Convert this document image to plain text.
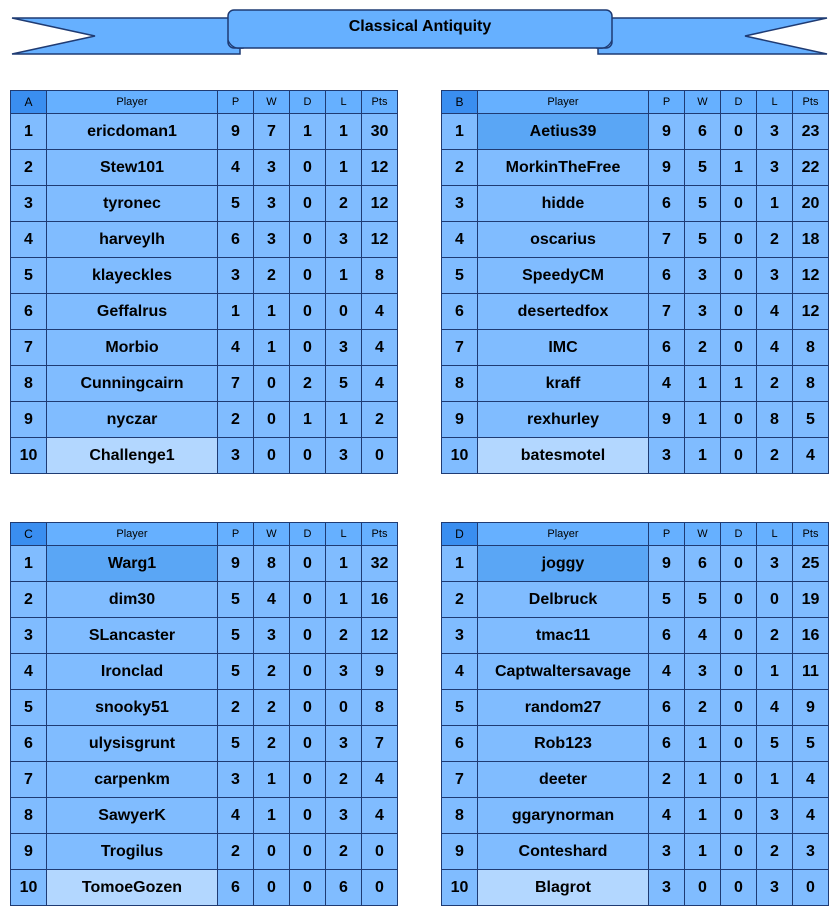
Classical Antiquity
A	Player	P	W	D	L	Pts
1	ericdoman1	9	7	1	1	30
2	Stew101	4	3	0	1	12
3	tyronec	5	3	0	2	12
4	harveylh	6	3	0	3	12
5	klayeckles	3	2	0	1	8
6	Geffalrus	1	1	0	0	4
7	Morbio	4	1	0	3	4
8	Cunningcairn	7	0	2	5	4
9	nyczar	2	0	1	1	2
10	Challenge1	3	0	0	3	0
B	Player	P	W	D	L	Pts
1	Aetius39	9	6	0	3	23
2	MorkinTheFree	9	5	1	3	22
3	hidde	6	5	0	1	20
4	oscarius	7	5	0	2	18
5	SpeedyCM	6	3	0	3	12
6	desertedfox	7	3	0	4	12
7	IMC	6	2	0	4	8
8	kraff	4	1	1	2	8
9	rexhurley	9	1	0	8	5
10	batesmotel	3	1	0	2	4
C	Player	P	W	D	L	Pts
1	Warg1	9	8	0	1	32
2	dim30	5	4	0	1	16
3	SLancaster	5	3	0	2	12
4	Ironclad	5	2	0	3	9
5	snooky51	2	2	0	0	8
6	ulysisgrunt	5	2	0	3	7
7	carpenkm	3	1	0	2	4
8	SawyerK	4	1	0	3	4
9	Trogilus	2	0	0	2	0
10	TomoeGozen	6	0	0	6	0
D	Player	P	W	D	L	Pts
1	joggy	9	6	0	3	25
2	Delbruck	5	5	0	0	19
3	tmac11	6	4	0	2	16
4	Captwaltersavage	4	3	0	1	11
5	random27	6	2	0	4	9
6	Rob123	6	1	0	5	5
7	deeter	2	1	0	1	4
8	ggarynorman	4	1	0	3	4
9	Conteshard	3	1	0	2	3
10	Blagrot	3	0	0	3	0
